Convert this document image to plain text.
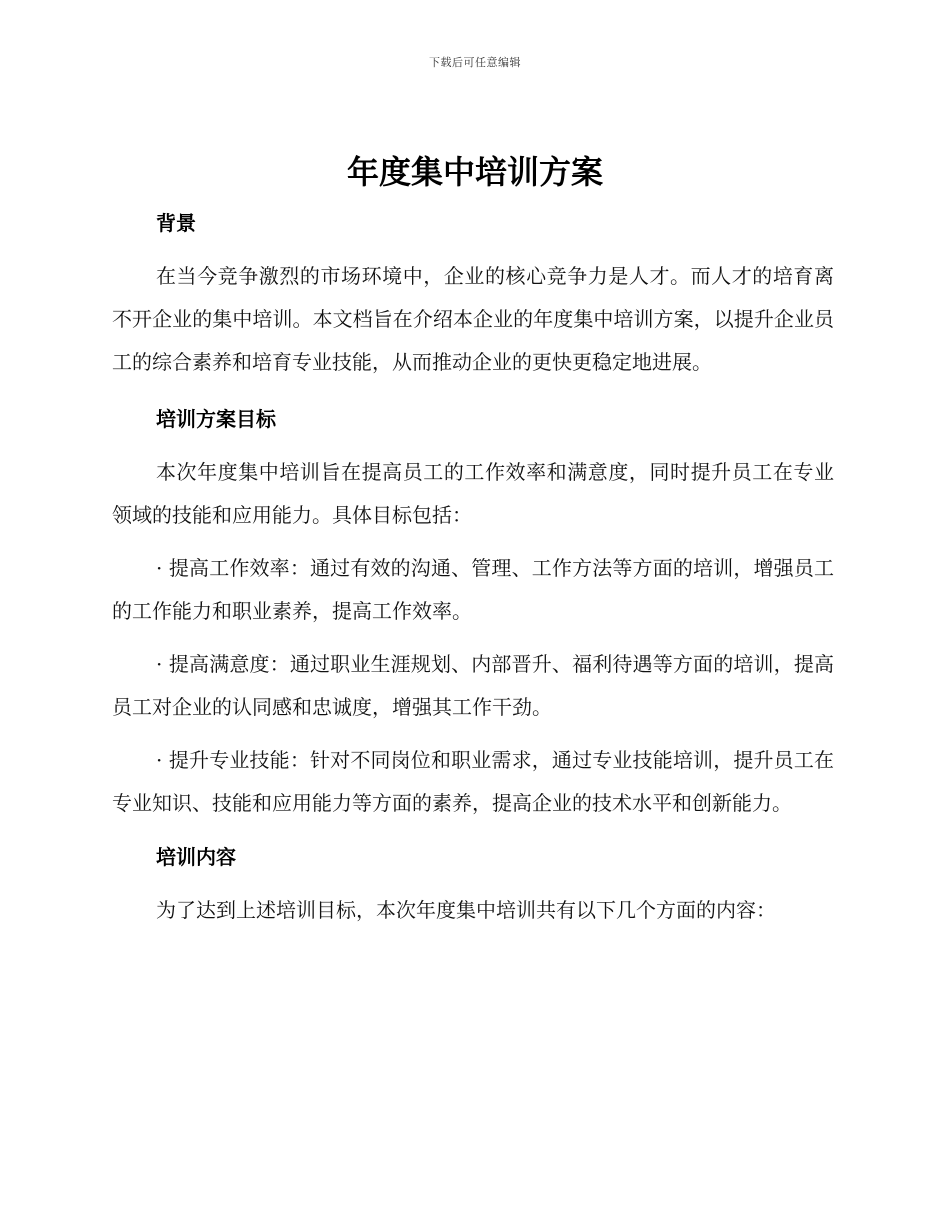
下载后可任意编辑
年度集中培训方案
背景

在当今竞争激烈的市场环境中，企业的核心竞争力是人才。而人才的培育离不开企业的集中培训。本文档旨在介绍本企业的年度集中培训方案，以提升企业员工的综合素养和培育专业技能，从而推动企业的更快更稳定地进展。

培训方案目标

本次年度集中培训旨在提高员工的工作效率和满意度，同时提升员工在专业领域的技能和应用能力。具体目标包括：

· 提高工作效率：通过有效的沟通、管理、工作方法等方面的培训，增强员工的工作能力和职业素养，提高工作效率。

· 提高满意度：通过职业生涯规划、内部晋升、福利待遇等方面的培训，提高员工对企业的认同感和忠诚度，增强其工作干劲。

· 提升专业技能：针对不同岗位和职业需求，通过专业技能培训，提升员工在专业知识、技能和应用能力等方面的素养，提高企业的技术水平和创新能力。

培训内容

为了达到上述培训目标，本次年度集中培训共有以下几个方面的内容：
